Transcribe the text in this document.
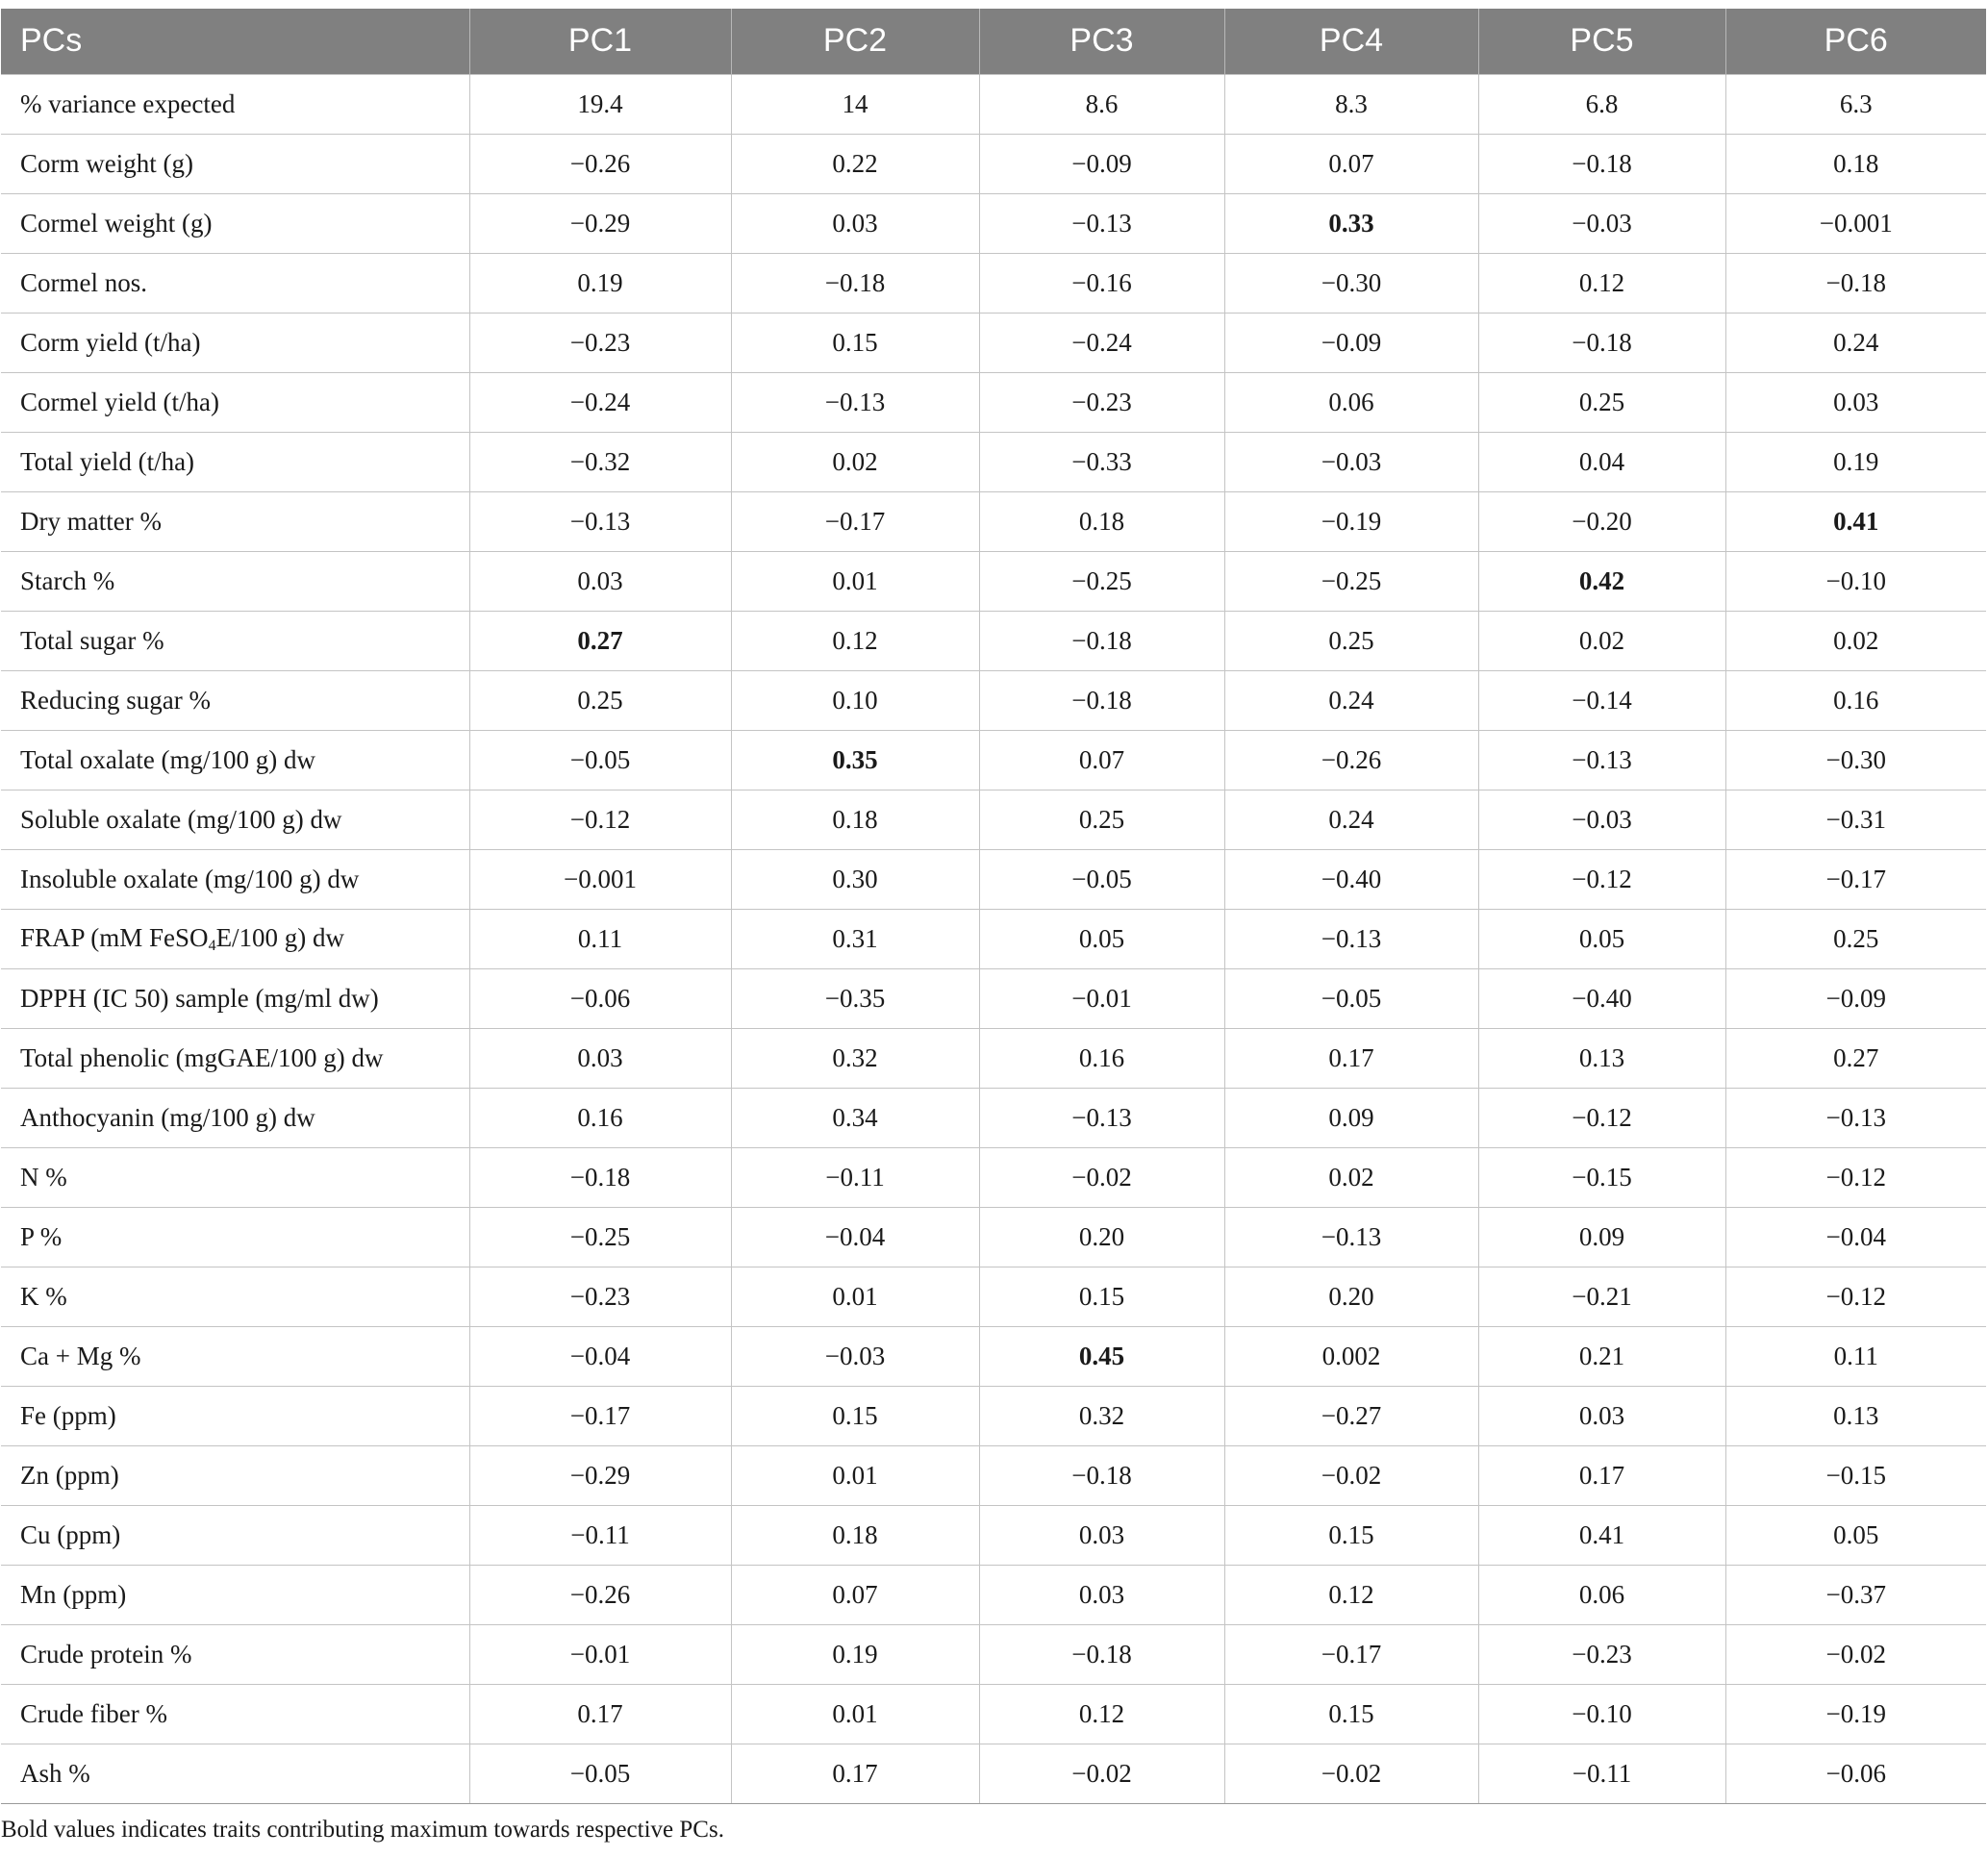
PCs	PC1	PC2	PC3	PC4	PC5	PC6
% variance expected	19.4	14	8.6	8.3	6.8	6.3
Corm weight (g)	−0.26	0.22	−0.09	0.07	−0.18	0.18
Cormel weight (g)	−0.29	0.03	−0.13	0.33	−0.03	−0.001
Cormel nos.	0.19	−0.18	−0.16	−0.30	0.12	−0.18
Corm yield (t/ha)	−0.23	0.15	−0.24	−0.09	−0.18	0.24
Cormel yield (t/ha)	−0.24	−0.13	−0.23	0.06	0.25	0.03
Total yield (t/ha)	−0.32	0.02	−0.33	−0.03	0.04	0.19
Dry matter %	−0.13	−0.17	0.18	−0.19	−0.20	0.41
Starch %	0.03	0.01	−0.25	−0.25	0.42	−0.10
Total sugar %	0.27	0.12	−0.18	0.25	0.02	0.02
Reducing sugar %	0.25	0.10	−0.18	0.24	−0.14	0.16
Total oxalate (mg/100 g) dw	−0.05	0.35	0.07	−0.26	−0.13	−0.30
Soluble oxalate (mg/100 g) dw	−0.12	0.18	0.25	0.24	−0.03	−0.31
Insoluble oxalate (mg/100 g) dw	−0.001	0.30	−0.05	−0.40	−0.12	−0.17
FRAP (mM FeSO$_4$E/100 g) dw	0.11	0.31	0.05	−0.13	0.05	0.25
DPPH (IC 50) sample (mg/ml dw)	−0.06	−0.35	−0.01	−0.05	−0.40	−0.09
Total phenolic (mgGAE/100 g) dw	0.03	0.32	0.16	0.17	0.13	0.27
Anthocyanin (mg/100 g) dw	0.16	0.34	−0.13	0.09	−0.12	−0.13
N %	−0.18	−0.11	−0.02	0.02	−0.15	−0.12
P %	−0.25	−0.04	0.20	−0.13	0.09	−0.04
K %	−0.23	0.01	0.15	0.20	−0.21	−0.12
Ca + Mg %	−0.04	−0.03	0.45	0.002	0.21	0.11
Fe (ppm)	−0.17	0.15	0.32	−0.27	0.03	0.13
Zn (ppm)	−0.29	0.01	−0.18	−0.02	0.17	−0.15
Cu (ppm)	−0.11	0.18	0.03	0.15	0.41	0.05
Mn (ppm)	−0.26	0.07	0.03	0.12	0.06	−0.37
Crude protein %	−0.01	0.19	−0.18	−0.17	−0.23	−0.02
Crude fiber %	0.17	0.01	0.12	0.15	−0.10	−0.19
Ash %	−0.05	0.17	−0.02	−0.02	−0.11	−0.06
Bold values indicates traits contributing maximum towards respective PCs.
